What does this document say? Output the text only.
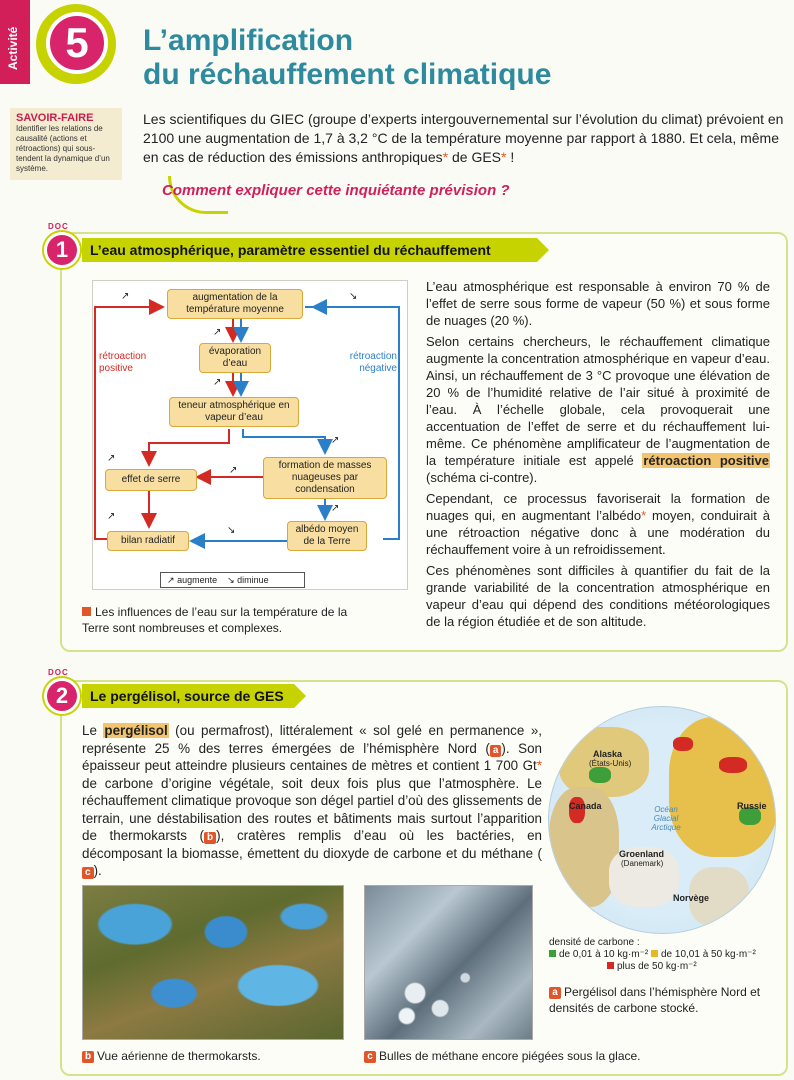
Activité	5	L’amplification
du réchauffement climatique
SAVOIR-FAIRE

Identifier les relations de causalité (actions et rétroactions) qui sous-tendent la dynamique d’un système.

Les scientifiques du GIEC (groupe d’experts intergouvernemental sur l’évolution du climat) prévoient en 2100 une augmentation de 1,7 à 3,2 °C de la température moyenne par rapport à 1880. Et cela, même en cas de réduction des émissions anthropiques* de GES* !
Comment expliquer cette inquiétante prévision ?
DOC
1	L’eau atmosphérique, paramètre essentiel du réchauffement
augmentation de la température moyenne
évaporation d’eau
teneur atmosphérique en vapeur d’eau
effet de serre
formation de masses nuageuses par condensation
albédo moyen de la Terre
bilan radiatif
rétroaction positive
rétroaction négative
↗	↘
↗
↗
↗
↗
↗
↗
↘
↗
↗ augmente ↘ diminue
Les influences de l’eau sur la température de la Terre sont nombreuses et complexes.

L’eau atmosphérique est responsable à environ 70 % de l’effet de serre sous forme de vapeur (50 %) et sous forme de nuages (20 %).

Selon certains chercheurs, le réchauffement climatique augmente la concentration atmosphérique en vapeur d’eau. Ainsi, un réchauffement de 3 °C provoque une élévation de 20 % de l’humidité relative de l’air situé à proximité de l’eau. À l’échelle globale, cela provoquerait une accentuation de l’effet de serre et du réchauffement lui-même. Ce phénomène amplificateur de l’augmentation de la température initiale est appelé rétroaction positive (schéma ci-contre).

Cependant, ce processus favoriserait la formation de nuages qui, en augmentant l’albédo* moyen, conduirait à une rétroaction négative donc à une modération du réchauffement voire à un refroidissement.

Ces phénomènes sont difficiles à quantifier du fait de la grande variabilité de la concentration atmosphérique en vapeur d’eau qui dépend des conditions météorologiques de la région étudiée et de son altitude.

DOC
2	Le pergélisol, source de GES
Le pergélisol (ou permafrost), littéralement « sol gelé en permanence », représente 25 % des terres émergées de l’hémisphère Nord ( a ). Son épaisseur peut atteindre plusieurs centaines de mètres et contient 1 700 Gt* de carbone d’origine végétale, soit deux fois plus que l’atmosphère. Le réchauffement climatique provoque son dégel partiel d’où des glissements de terrain, une déstabilisation des routes et bâtiments mais surtout l’apparition de thermokarsts ( b ), cratères remplis d’eau où les bactéries, en décomposant la biomasse, émettent du dioxyde de carbone et du méthane (c ).
b Vue aérienne de thermokarsts.	c Bulles de méthane encore piégées sous la glace.
Alaska
(États-Unis)
Canada	Russie
Océan Glacial Arctique
Groenland
(Danemark)
Norvège
densité de carbone :
de 0,01 à 10 kg·m⁻² de 10,01 à 50 kg·m⁻²
plus de 50 kg·m⁻²
a Pergélisol dans l’hémisphère Nord et densités de carbone stocké.
